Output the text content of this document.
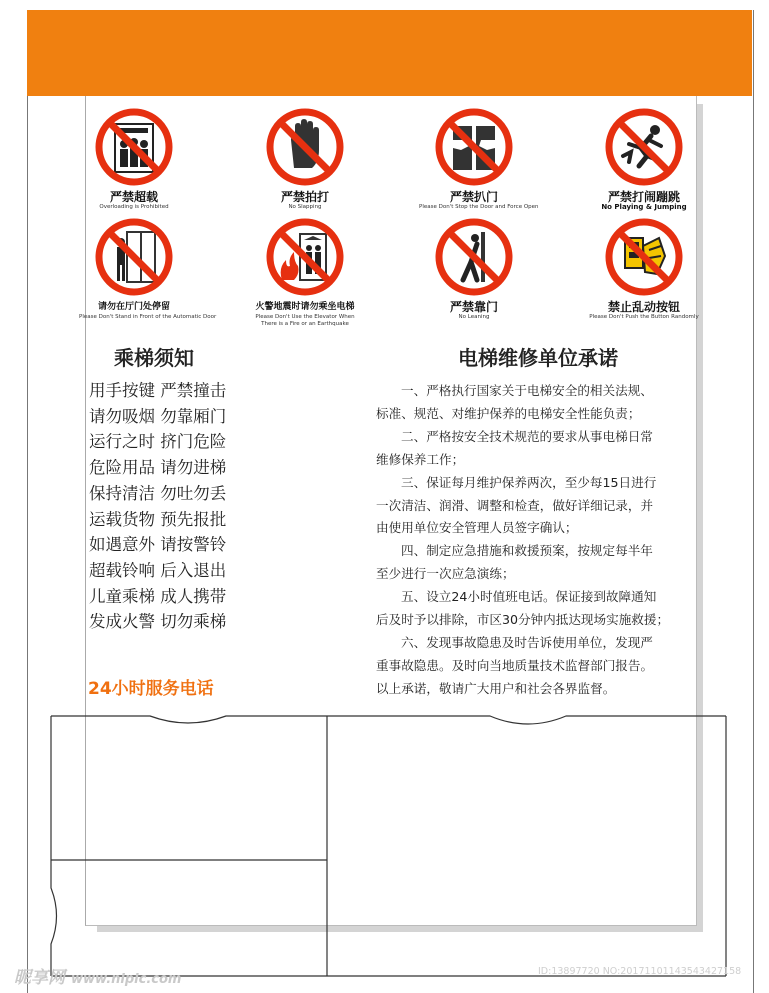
严禁超载
Overloading is Prohibited
严禁拍打
No Slapping
严禁扒门
Please Don't Stop the Door and Force Open
严禁打闹蹦跳
No Playing & Jumping
请勿在厅门处停留
Please Don't Stand in Front of the Automatic Door
火警地震时请勿乘坐电梯
Please Don't Use the Elevator When There is a Fire or an Earthquake
严禁靠门
No Leaning
禁止乱动按钮
Please Don't Push the Button Randomly
乘梯须知
用手按键 严禁撞击
请勿吸烟 勿靠厢门
运行之时 挤门危险
危险用品 请勿进梯
保持清洁 勿吐勿丢
运载货物 预先报批
如遇意外 请按警铃
超载铃响 后入退出
儿童乘梯 成人携带
发成火警 切勿乘梯
24小时服务电话
电梯维修单位承诺
一、严格执行国家关于电梯安全的相关法规、
标准、规范、对维护保养的电梯安全性能负责；
二、严格按安全技术规范的要求从事电梯日常
维修保养工作；
三、保证每月维护保养两次，至少每15日进行
一次清洁、润滑、调整和检查，做好详细记录，并
由使用单位安全管理人员签字确认；
四、制定应急措施和救援预案，按规定每半年
至少进行一次应急演练；
五、设立24小时值班电话。保证接到故障通知
后及时予以排除，市区30分钟内抵达现场实施救援；
六、发现事故隐患及时告诉使用单位，发现严
重事故隐患。及时向当地质量技术监督部门报告。
以上承诺，敬请广大用户和社会各界监督。
昵享网 www.nipic.com
ID:13897720 NO:20171101143543427158
